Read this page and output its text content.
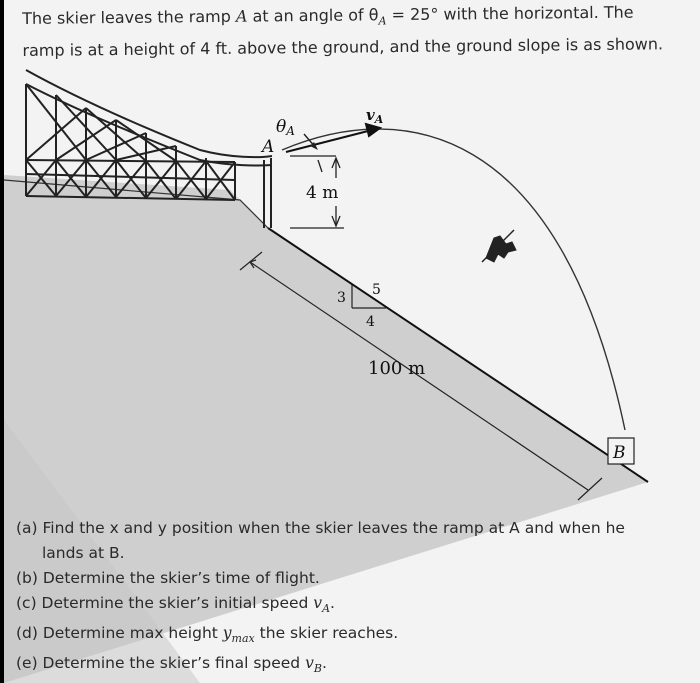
The skier leaves the ramp A at an angle of $\theta_A = 25^\circ$ with the horizontal. The

ramp is at a height of 4 ft. above the ground, and the ground slope is as shown.

4 m
3 5
4
100 m
$v_A$
θA
A
B

(a) Find the x and y position when the skier leaves the ramp at A and when he

lands at B.

(b) Determine the skier’s time of flight.

(c) Determine the skier’s initial speed $v_A$.

(d) Determine max height $y_{max}$ the skier reaches.

(e) Determine the skier’s final speed $v_B$.
